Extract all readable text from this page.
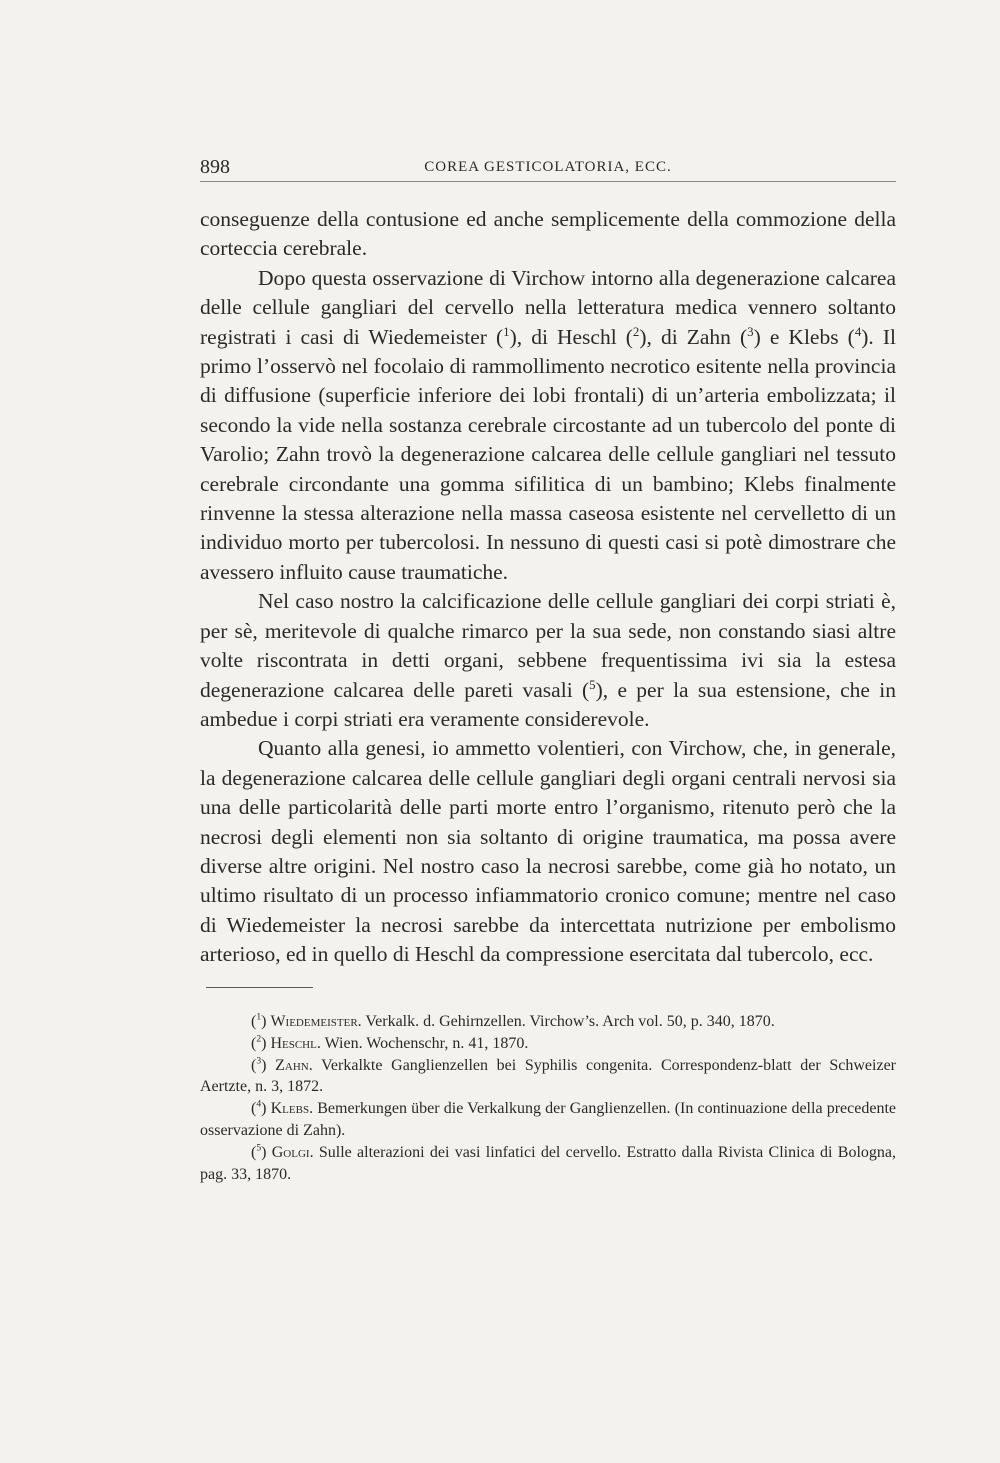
898	COREA GESTICOLATORIA, ECC.

conseguenze della contusione ed anche semplicemente della commozione della corteccia cerebrale.

Dopo questa osservazione di Virchow intorno alla degenerazione calcarea delle cellule gangliari del cervello nella letteratura medica vennero soltanto registrati i casi di Wiedemeister ($^1$), di Heschl ($^2$), di Zahn ($^3$) e Klebs ($^4$). Il primo l’osservò nel focolaio di rammollimento necrotico esitente nella provincia di diffusione (superficie inferiore dei lobi frontali) di un’arteria embolizzata; il secondo la vide nella sostanza cerebrale circostante ad un tubercolo del ponte di Varolio; Zahn trovò la degenerazione calcarea delle cellule gangliari nel tessuto cerebrale circondante una gomma sifilitica di un bambino; Klebs finalmente rinvenne la stessa alterazione nella massa caseosa esistente nel cervelletto di un individuo morto per tubercolosi. In nessuno di questi casi si potè dimostrare che avessero influito cause traumatiche.

Nel caso nostro la calcificazione delle cellule gangliari dei corpi striati è, per sè, meritevole di qualche rimarco per la sua sede, non constando siasi altre volte riscontrata in detti organi, sebbene frequentissima ivi sia la estesa degenerazione calcarea delle pareti vasali ($^5$), e per la sua estensione, che in ambedue i corpi striati era veramente considerevole.

Quanto alla genesi, io ammetto volentieri, con Virchow, che, in generale, la degenerazione calcarea delle cellule gangliari degli organi centrali nervosi sia una delle particolarità delle parti morte entro l’organismo, ritenuto però che la necrosi degli elementi non sia soltanto di origine traumatica, ma possa avere diverse altre origini. Nel nostro caso la necrosi sarebbe, come già ho notato, un ultimo risultato di un processo infiammatorio cronico comune; mentre nel caso di Wiedemeister la necrosi sarebbe da intercettata nutrizione per embolismo arterioso, ed in quello di Heschl da compressione esercitata dal tubercolo, ecc.

($^1$) Wiedemeister. Verkalk. d. Gehirnzellen. Virchow’s. Arch vol. 50, p. 340, 1870.

($^2$) Heschl. Wien. Wochenschr, n. 41, 1870.

($^3$) Zahn. Verkalkte Ganglienzellen bei Syphilis congenita. Correspondenz-blatt der Schweizer Aertzte, n. 3, 1872.

($^4$) Klebs. Bemerkungen über die Verkalkung der Ganglienzellen. (In continuazione della precedente osservazione di Zahn).

($^5$) Golgi. Sulle alterazioni dei vasi linfatici del cervello. Estratto dalla Rivista Clinica di Bologna, pag. 33, 1870.
